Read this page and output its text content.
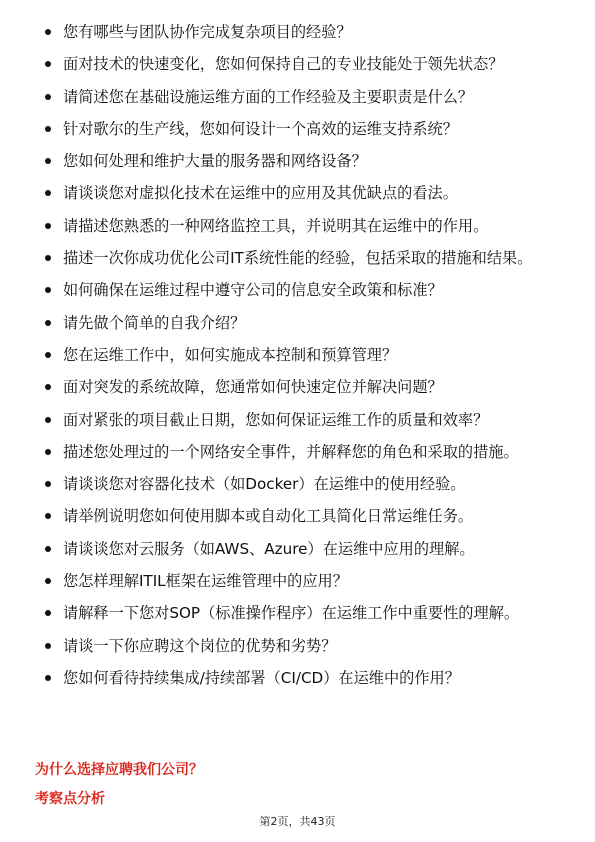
您有哪些与团队协作完成复杂项目的经验？
面对技术的快速变化，您如何保持自己的专业技能处于领先状态？
请简述您在基础设施运维方面的工作经验及主要职责是什么？
针对歌尔的生产线，您如何设计一个高效的运维支持系统？
您如何处理和维护大量的服务器和网络设备？
请谈谈您对虚拟化技术在运维中的应用及其优缺点的看法。
请描述您熟悉的一种网络监控工具，并说明其在运维中的作用。
描述一次你成功优化公司IT系统性能的经验，包括采取的措施和结果。
如何确保在运维过程中遵守公司的信息安全政策和标准？
请先做个简单的自我介绍？
您在运维工作中，如何实施成本控制和预算管理？
面对突发的系统故障，您通常如何快速定位并解决问题？
面对紧张的项目截止日期，您如何保证运维工作的质量和效率？
描述您处理过的一个网络安全事件，并解释您的角色和采取的措施。
请谈谈您对容器化技术（如Docker）在运维中的使用经验。
请举例说明您如何使用脚本或自动化工具简化日常运维任务。
请谈谈您对云服务（如AWS、Azure）在运维中应用的理解。
您怎样理解ITIL框架在运维管理中的应用？
请解释一下您对SOP（标准操作程序）在运维工作中重要性的理解。
请谈一下你应聘这个岗位的优势和劣势？
您如何看待持续集成/持续部署（CI/CD）在运维中的作用？
为什么选择应聘我们公司？
考察点分析
第2页，共43页
